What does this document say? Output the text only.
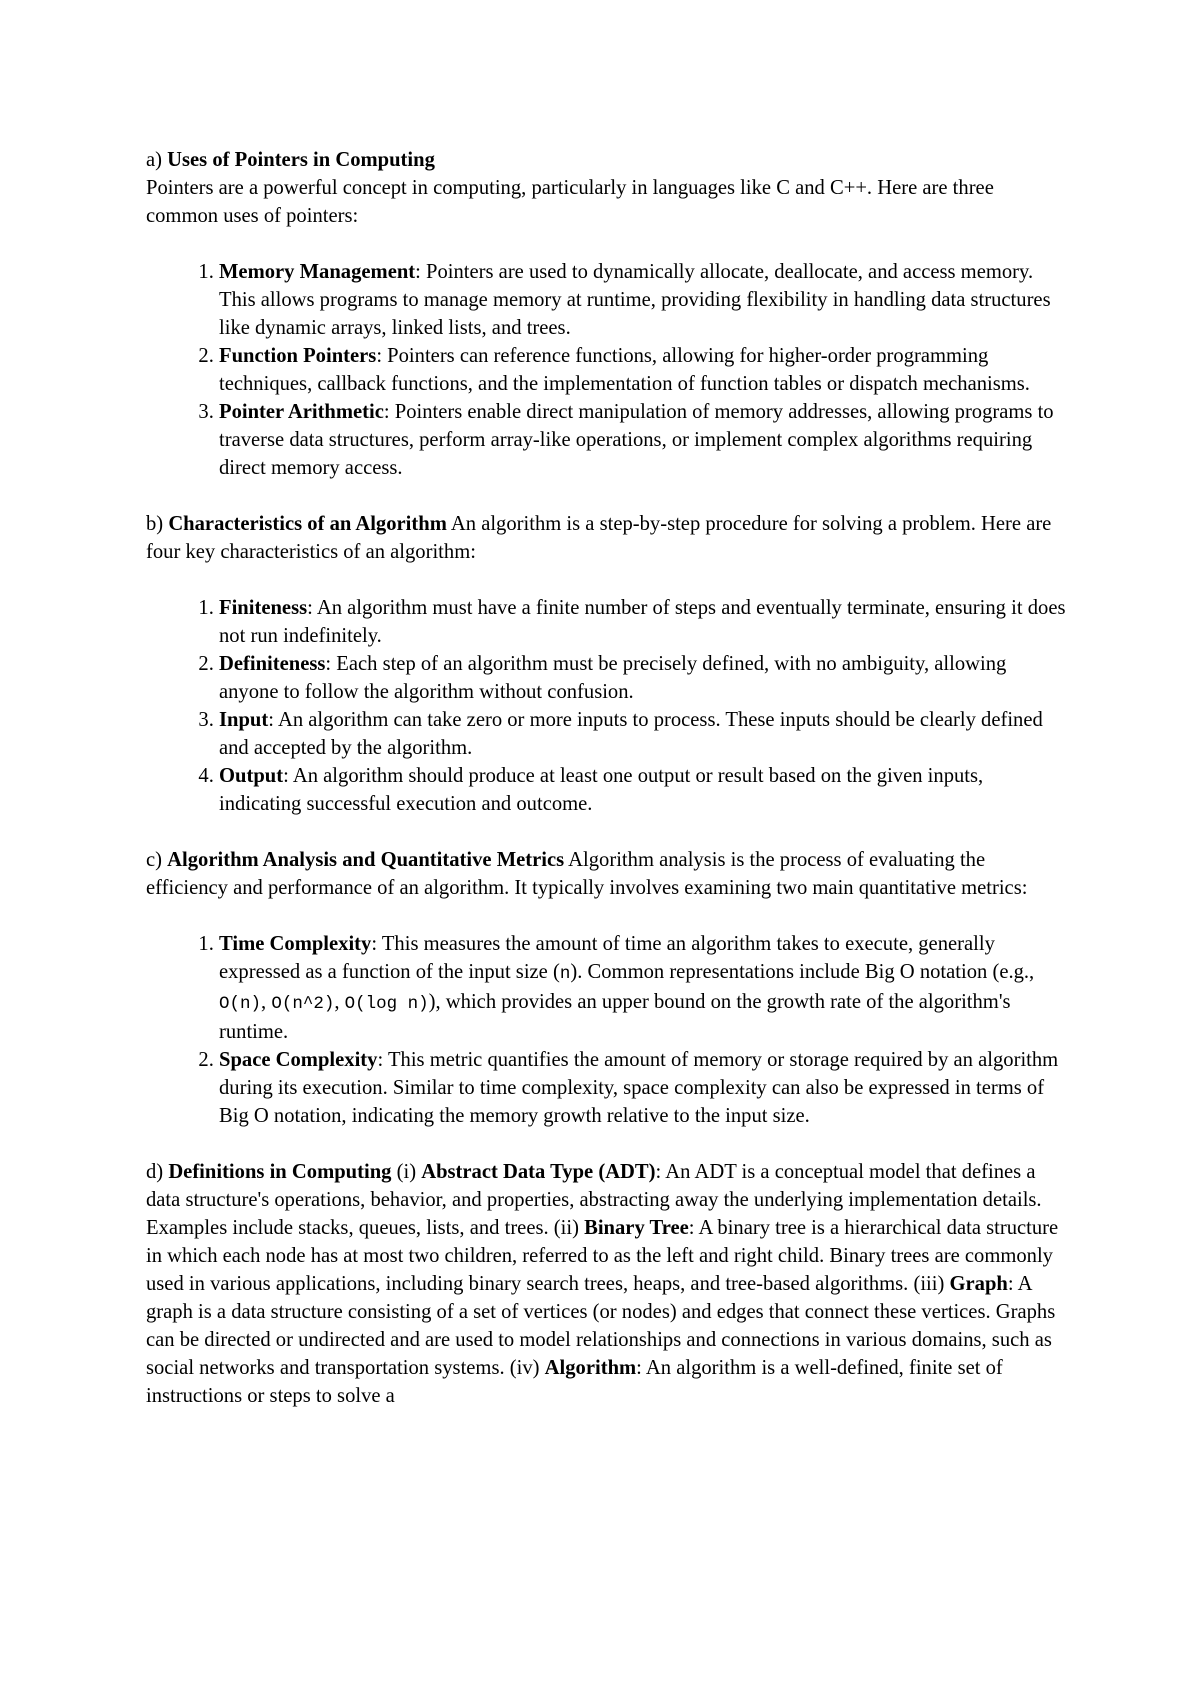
a) Uses of Pointers in Computing

Pointers are a powerful concept in computing, particularly in languages like C and C++. Here are three common uses of pointers:

1. Memory Management: Pointers are used to dynamically allocate, deallocate, and access memory. This allows programs to manage memory at runtime, providing flexibility in handling data structures like dynamic arrays, linked lists, and trees.
2. Function Pointers: Pointers can reference functions, allowing for higher-order programming techniques, callback functions, and the implementation of function tables or dispatch mechanisms.
3. Pointer Arithmetic: Pointers enable direct manipulation of memory addresses, allowing programs to traverse data structures, perform array-like operations, or implement complex algorithms requiring direct memory access.

b) Characteristics of an Algorithm An algorithm is a step-by-step procedure for solving a problem. Here are four key characteristics of an algorithm:

1. Finiteness: An algorithm must have a finite number of steps and eventually terminate, ensuring it does not run indefinitely.
2. Definiteness: Each step of an algorithm must be precisely defined, with no ambiguity, allowing anyone to follow the algorithm without confusion.
3. Input: An algorithm can take zero or more inputs to process. These inputs should be clearly defined and accepted by the algorithm.
4. Output: An algorithm should produce at least one output or result based on the given inputs, indicating successful execution and outcome.

c) Algorithm Analysis and Quantitative Metrics Algorithm analysis is the process of evaluating the efficiency and performance of an algorithm. It typically involves examining two main quantitative metrics:

1. Time Complexity: This measures the amount of time an algorithm takes to execute, generally expressed as a function of the input size (n). Common representations include Big O notation (e.g., O(n), O(n^2), O(log n)), which provides an upper bound on the growth rate of the algorithm's runtime.
2. Space Complexity: This metric quantifies the amount of memory or storage required by an algorithm during its execution. Similar to time complexity, space complexity can also be expressed in terms of Big O notation, indicating the memory growth relative to the input size.

d) Definitions in Computing (i) Abstract Data Type (ADT): An ADT is a conceptual model that defines a data structure's operations, behavior, and properties, abstracting away the underlying implementation details. Examples include stacks, queues, lists, and trees. (ii) Binary Tree: A binary tree is a hierarchical data structure in which each node has at most two children, referred to as the left and right child. Binary trees are commonly used in various applications, including binary search trees, heaps, and tree-based algorithms. (iii) Graph: A graph is a data structure consisting of a set of vertices (or nodes) and edges that connect these vertices. Graphs can be directed or undirected and are used to model relationships and connections in various domains, such as social networks and transportation systems. (iv) Algorithm: An algorithm is a well-defined, finite set of instructions or steps to solve a
